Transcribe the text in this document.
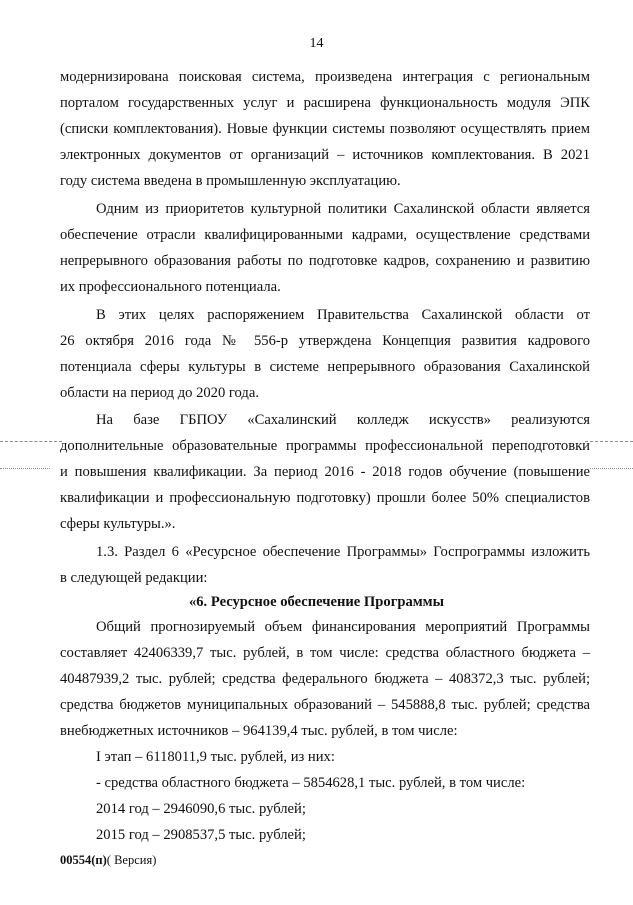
14
модернизирована поисковая система, произведена интеграция с региональным
порталом государственных услуг и расширена функциональность модуля ЭПК
(списки комплектования). Новые функции системы позволяют осуществлять прием
электронных документов от организаций – источников комплектования. В 2021
году система введена в промышленную эксплуатацию.
Одним из приоритетов культурной политики Сахалинской области является
обеспечение отрасли квалифицированными кадрами, осуществление средствами
непрерывного образования работы по подготовке кадров, сохранению и развитию
их профессионального потенциала.
В этих целях распоряжением Правительства Сахалинской области от
26 октября 2016 года № 556-р утверждена Концепция развития кадрового
потенциала сферы культуры в системе непрерывного образования Сахалинской
области на период до 2020 года.
На базе ГБПОУ «Сахалинский колледж искусств» реализуются
дополнительные образовательные программы профессиональной переподготовки
и повышения квалификации. За период 2016 - 2018 годов обучение (повышение
квалификации и профессиональную подготовку) прошли более 50% специалистов
сферы культуры.».
1.3. Раздел 6 «Ресурсное обеспечение Программы» Госпрограммы изложить
в следующей редакции:
«6. Ресурсное обеспечение Программы
Общий прогнозируемый объем финансирования мероприятий Программы
составляет 42406339,7 тыс. рублей, в том числе: средства областного бюджета –
40487939,2 тыс. рублей; средства федерального бюджета – 408372,3 тыс. рублей;
средства бюджетов муниципальных образований – 545888,8 тыс. рублей; средства
внебюджетных источников – 964139,4 тыс. рублей, в том числе:
I этап – 6118011,9 тыс. рублей, из них:
- средства областного бюджета – 5854628,1 тыс. рублей, в том числе:
2014 год – 2946090,6 тыс. рублей;
2015 год – 2908537,5 тыс. рублей;
00554(п)( Версия)
